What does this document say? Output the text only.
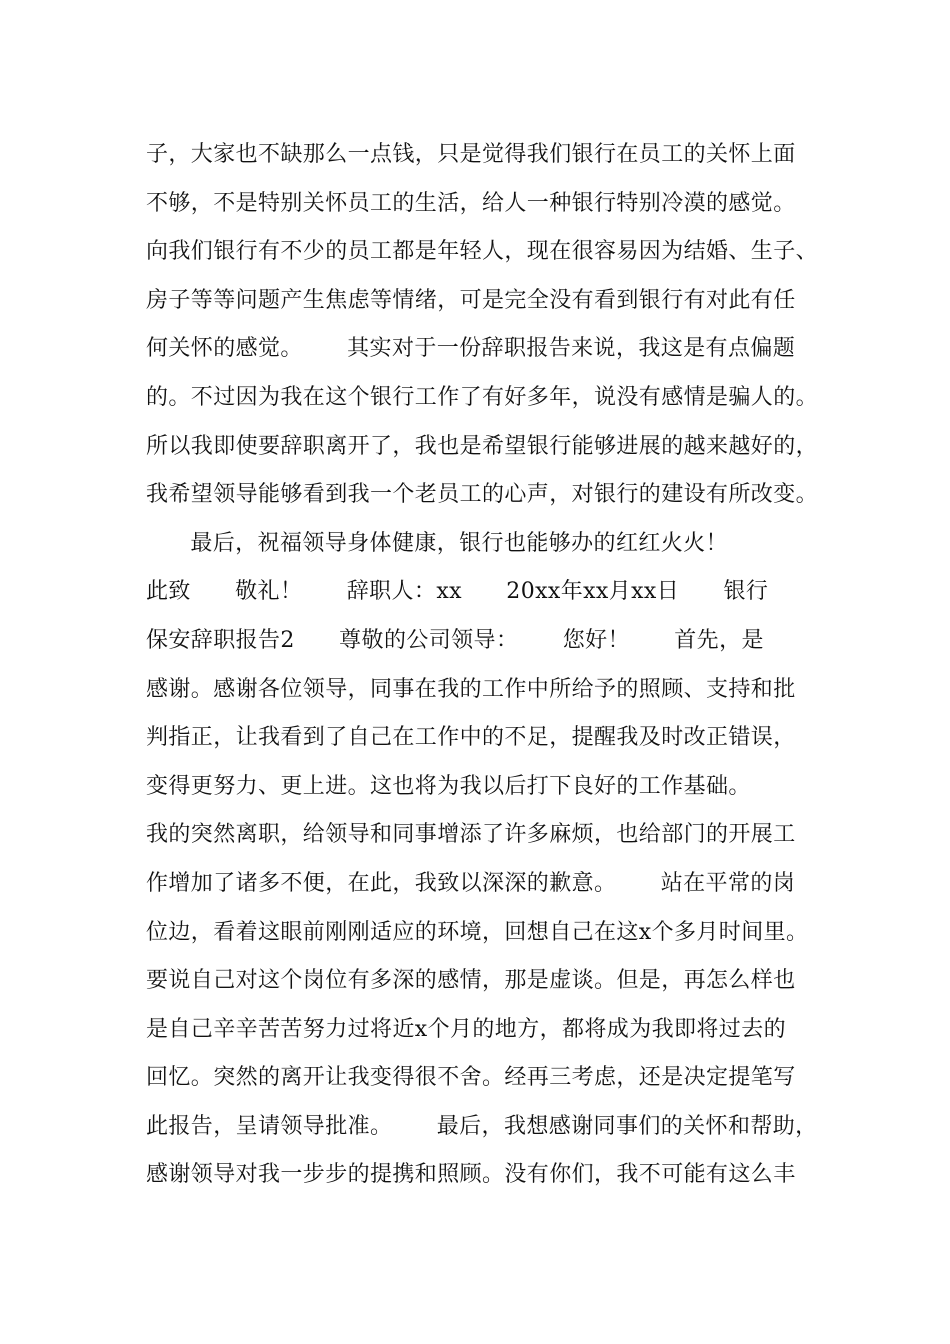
子，大家也不缺那么一点钱，只是觉得我们银行在员工的关怀上面
不够，不是特别关怀员工的生活，给人一种银行特别冷漠的感觉。
向我们银行有不少的员工都是年轻人，现在很容易因为结婚、生子、
房子等等问题产生焦虑等情绪，可是完全没有看到银行有对此有任
何关怀的感觉。      其实对于一份辞职报告来说，我这是有点偏题
的。不过因为我在这个银行工作了有好多年，说没有感情是骗人的。
所以我即使要辞职离开了，我也是希望银行能够进展的越来越好的，
我希望领导能够看到我一个老员工的心声，对银行的建设有所改变。
最后，祝福领导身体健康，银行也能够办的红红火火！
此致      敬礼！      辞职人：xx      20xx年xx月xx日      银行
保安辞职报告2      尊敬的公司领导：      您好！      首先，是
感谢。感谢各位领导，同事在我的工作中所给予的照顾、支持和批
判指正，让我看到了自己在工作中的不足，提醒我及时改正错误，
变得更努力、更上进。这也将为我以后打下良好的工作基础。
我的突然离职，给领导和同事增添了许多麻烦，也给部门的开展工
作增加了诸多不便，在此，我致以深深的歉意。      站在平常的岗
位边，看着这眼前刚刚适应的环境，回想自己在这x个多月时间里。
要说自己对这个岗位有多深的感情，那是虚谈。但是，再怎么样也
是自己辛辛苦苦努力过将近x个月的地方，都将成为我即将过去的
回忆。突然的离开让我变得很不舍。经再三考虑，还是决定提笔写
此报告，呈请领导批准。      最后，我想感谢同事们的关怀和帮助，
感谢领导对我一步步的提携和照顾。没有你们，我不可能有这么丰
